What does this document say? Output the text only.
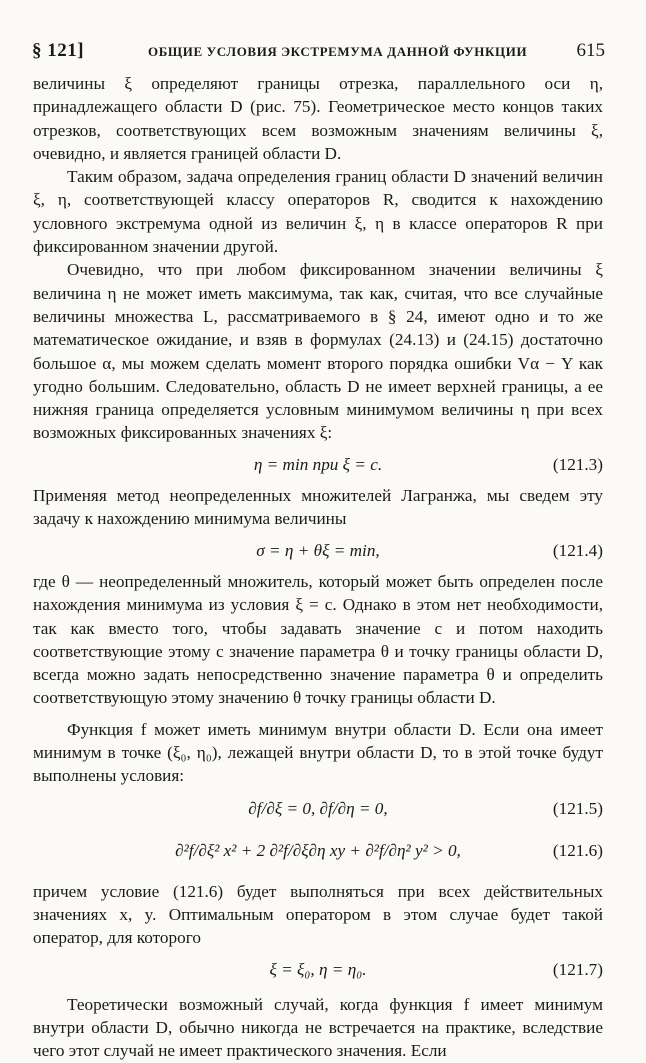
§ 121]	ОБЩИЕ УСЛОВИЯ ЭКСТРЕМУМА ДАННОЙ ФУНКЦИИ	615

величины ξ определяют границы отрезка, параллельного оси η, принадлежащего области D (рис. 75). Геометрическое место концов таких отрезков, соответствующих всем возможным значениям величины ξ, очевидно, и является границей области D.

Таким образом, задача определения границ области D значений величин ξ, η, соответствующей классу операторов R, сводится к нахождению условного экстремума одной из величин ξ, η в классе операторов R при фиксированном значении другой.

Очевидно, что при любом фиксированном значении величины ξ величина η не может иметь максимума, так как, считая, что все случайные величины множества L, рассматриваемого в § 24, имеют одно и то же математическое ожидание, и взяв в формулах (24.13) и (24.15) достаточно большое α, мы можем сделать момент второго порядка ошибки Vα − Y как угодно большим. Следовательно, область D не имеет верхней границы, а ее нижняя граница определяется условным минимумом величины η при всех возможных фиксированных значениях ξ:

η = min при ξ = c.	(121.3)

Применяя метод неопределенных множителей Лагранжа, мы сведем эту задачу к нахождению минимума величины

σ = η + θξ = min,	(121.4)

где θ — неопределенный множитель, который может быть определен после нахождения минимума из условия ξ = c. Однако в этом нет необходимости, так как вместо того, чтобы задавать значение c и потом находить соответствующие этому c значение параметра θ и точку границы области D, всегда можно задать непосредственно значение параметра θ и определить соответствующую этому значению θ точку границы области D.

Функция f может иметь минимум внутри области D. Если она имеет минимум в точке (ξ₀, η₀), лежащей внутри области D, то в этой точке будут выполнены условия:

∂f/∂ξ = 0, ∂f/∂η = 0,	(121.5)
∂²f/∂ξ² x² + 2 ∂²f/∂ξ∂η xy + ∂²f/∂η² y² > 0,	(121.6)

причем условие (121.6) будет выполняться при всех действительных значениях x, y. Оптимальным оператором в этом случае будет такой оператор, для которого

ξ = ξ₀, η = η₀.	(121.7)

Теоретически возможный случай, когда функция f имеет минимум внутри области D, обычно никогда не встречается на практике, вследствие чего этот случай не имеет практического значения. Если
